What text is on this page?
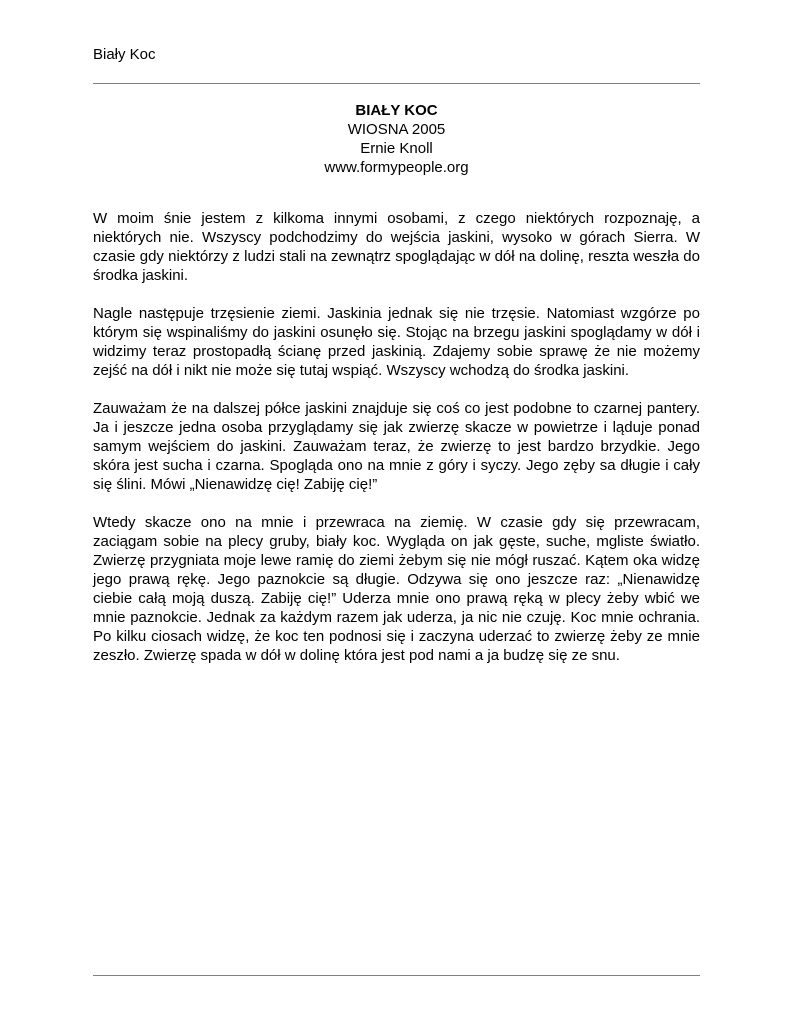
Biały Koc
BIAŁY KOC
WIOSNA 2005
Ernie Knoll
www.formypeople.org

W moim śnie jestem z kilkoma innymi osobami, z czego niektórych rozpoznaję, a niektórych nie. Wszyscy podchodzimy do wejścia jaskini, wysoko w górach Sierra. W czasie gdy niektórzy z ludzi stali na zewnątrz spoglądając w dół na dolinę, reszta weszła do środka jaskini.

Nagle następuje trzęsienie ziemi. Jaskinia jednak się nie trzęsie. Natomiast wzgórze po którym się wspinaliśmy do jaskini osunęło się. Stojąc na brzegu jaskini spoglądamy w dół i widzimy teraz prostopadłą ścianę przed jaskinią. Zdajemy sobie sprawę że nie możemy zejść na dół i nikt nie może się tutaj wspiąć. Wszyscy wchodzą do środka jaskini.

Zauważam że na dalszej półce jaskini znajduje się coś co jest podobne to czarnej pantery. Ja i jeszcze jedna osoba przyglądamy się jak zwierzę skacze w powietrze i ląduje ponad samym wejściem do jaskini. Zauważam teraz, że zwierzę to jest bardzo brzydkie. Jego skóra jest sucha i czarna. Spogląda ono na mnie z góry i syczy. Jego zęby sa długie i cały się ślini. Mówi „Nienawidzę cię! Zabiję cię!”

Wtedy skacze ono na mnie i przewraca na ziemię. W czasie gdy się przewracam, zaciągam sobie na plecy gruby, biały koc. Wygląda on jak gęste, suche, mgliste światło. Zwierzę przygniata moje lewe ramię do ziemi żebym się nie mógł ruszać. Kątem oka widzę jego prawą rękę. Jego paznokcie są długie. Odzywa się ono jeszcze raz: „Nienawidzę ciebie całą moją duszą. Zabiję cię!” Uderza mnie ono prawą ręką w plecy żeby wbić we mnie paznokcie. Jednak za każdym razem jak uderza, ja nic nie czuję. Koc mnie ochrania. Po kilku ciosach widzę, że koc ten podnosi się i zaczyna uderzać to zwierzę żeby ze mnie zeszło. Zwierzę spada w dół w dolinę która jest pod nami a ja budzę się ze snu.
